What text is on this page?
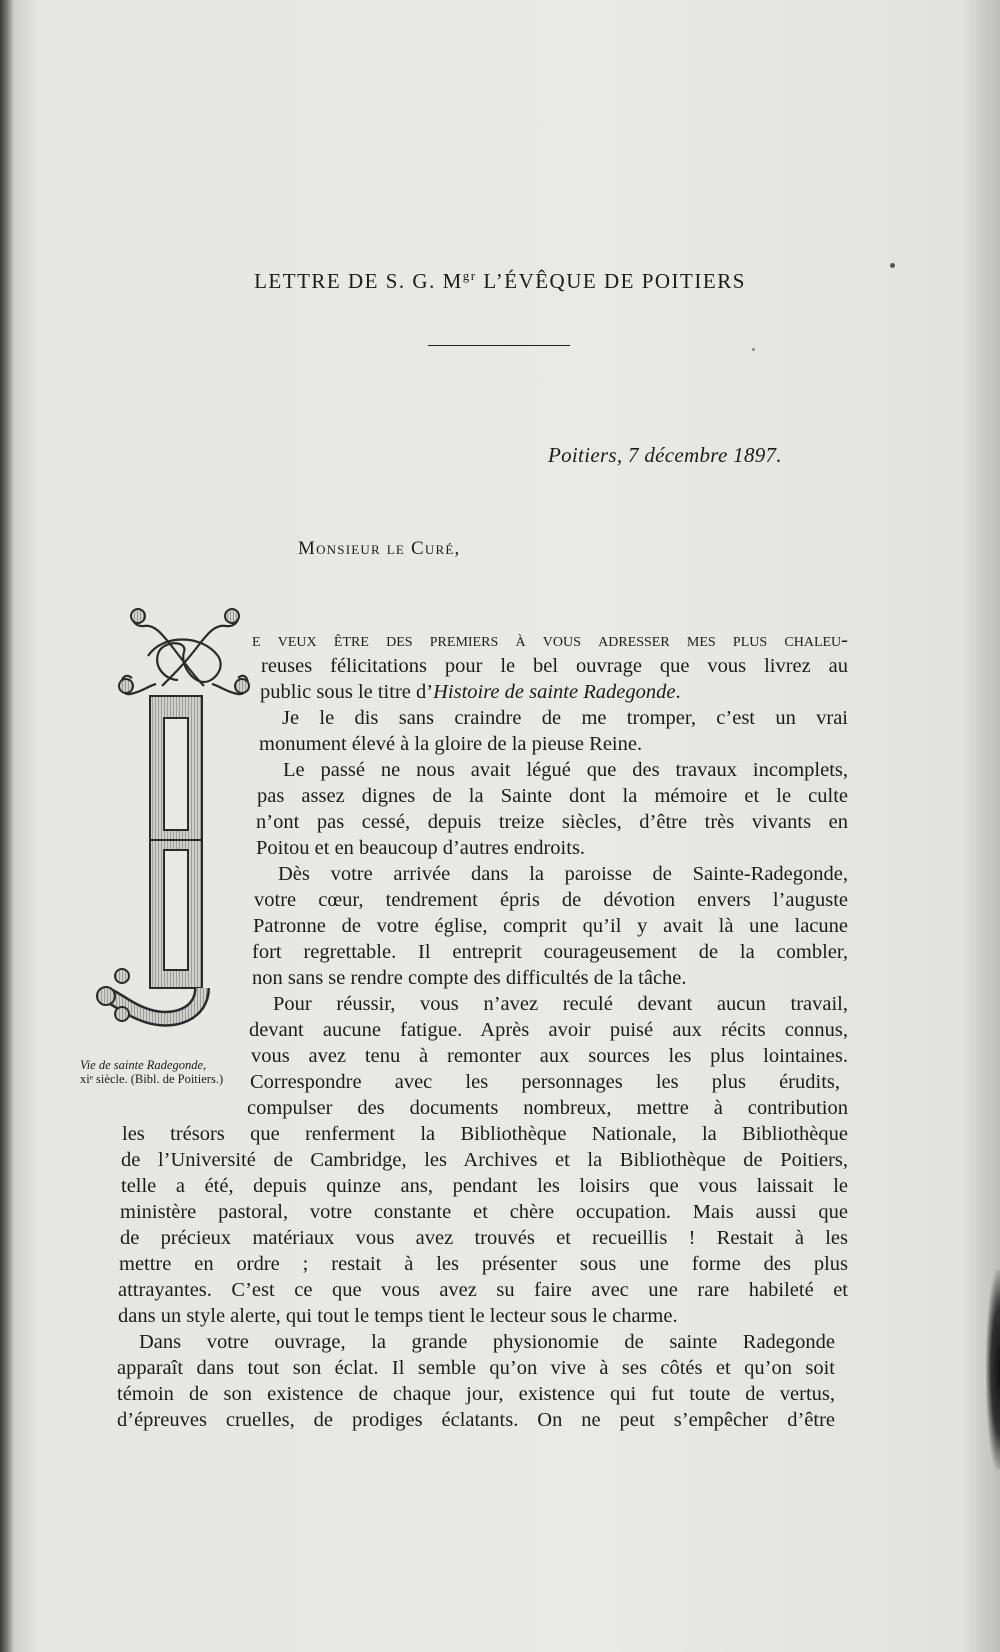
LETTRE DE S. G. $M^{gr}$ L’ÉVÊQUE DE POITIERS
Poitiers, 7 décembre 1897.
Monsieur le Curé,
Vie de sainte Radegonde,
xiᵉ siècle. (Bibl. de Poitiers.)
e veux être des premiers à vous adresser mes plus chaleu-
reuses félicitations pour le bel ouvrage que vous livrez au
public sous le titre d’Histoire de sainte Radegonde.
Je le dis sans craindre de me tromper, c’est un vrai
monument élevé à la gloire de la pieuse Reine.
Le passé ne nous avait légué que des travaux incomplets,
pas assez dignes de la Sainte dont la mémoire et le culte
n’ont pas cessé, depuis treize siècles, d’être très vivants en
Poitou et en beaucoup d’autres endroits.
Dès votre arrivée dans la paroisse de Sainte-Radegonde,
votre cœur, tendrement épris de dévotion envers l’auguste
Patronne de votre église, comprit qu’il y avait là une lacune
fort regrettable. Il entreprit courageusement de la combler,
non sans se rendre compte des difficultés de la tâche.
Pour réussir, vous n’avez reculé devant aucun travail,
devant aucune fatigue. Après avoir puisé aux récits connus,
vous avez tenu à remonter aux sources les plus lointaines.
Correspondre avec les personnages les plus érudits,
compulser des documents nombreux, mettre à contribution
les trésors que renferment la Bibliothèque Nationale, la Bibliothèque
de l’Université de Cambridge, les Archives et la Bibliothèque de Poitiers,
telle a été, depuis quinze ans, pendant les loisirs que vous laissait le
ministère pastoral, votre constante et chère occupation. Mais aussi que
de précieux matériaux vous avez trouvés et recueillis ! Restait à les
mettre en ordre ; restait à les présenter sous une forme des plus
attrayantes. C’est ce que vous avez su faire avec une rare habileté et
dans un style alerte, qui tout le temps tient le lecteur sous le charme.
Dans votre ouvrage, la grande physionomie de sainte Radegonde
apparaît dans tout son éclat. Il semble qu’on vive à ses côtés et qu’on soit
témoin de son existence de chaque jour, existence qui fut toute de vertus,
d’épreuves cruelles, de prodiges éclatants. On ne peut s’empêcher d’être
